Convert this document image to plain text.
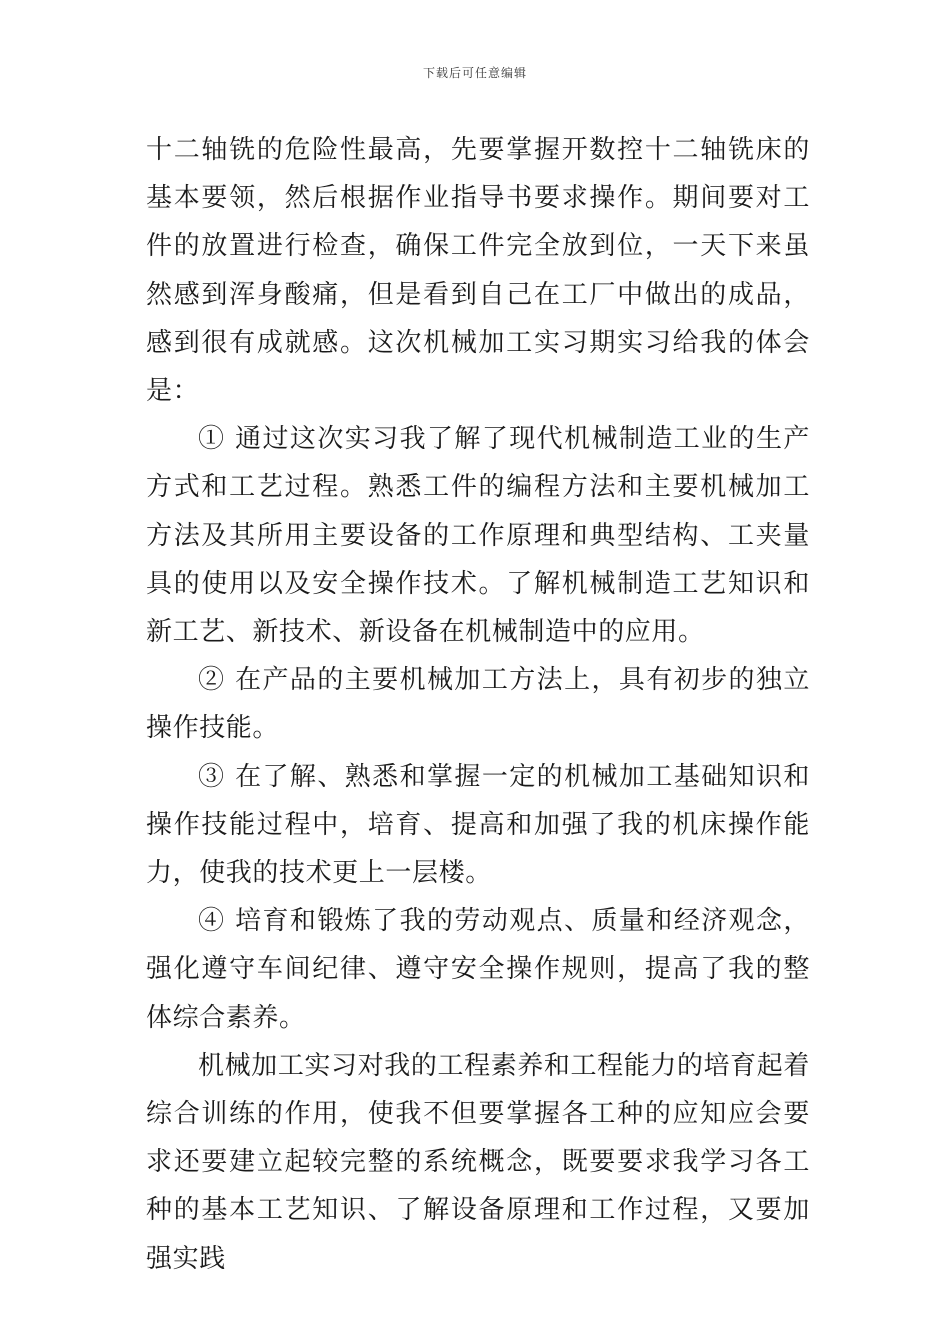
下载后可任意编辑

十二轴铣的危险性最高，先要掌握开数控十二轴铣床的基本要领，然后根据作业指导书要求操作。期间要对工件的放置进行检查，确保工件完全放到位，一天下来虽然感到浑身酸痛，但是看到自己在工厂中做出的成品，感到很有成就感。这次机械加工实习期实习给我的体会是：

① 通过这次实习我了解了现代机械制造工业的生产方式和工艺过程。熟悉工件的编程方法和主要机械加工方法及其所用主要设备的工作原理和典型结构、工夹量具的使用以及安全操作技术。了解机械制造工艺知识和新工艺、新技术、新设备在机械制造中的应用。

② 在产品的主要机械加工方法上，具有初步的独立操作技能。

③ 在了解、熟悉和掌握一定的机械加工基础知识和操作技能过程中，培育、提高和加强了我的机床操作能力，使我的技术更上一层楼。

④ 培育和锻炼了我的劳动观点、质量和经济观念，强化遵守车间纪律、遵守安全操作规则，提高了我的整体综合素养。

机械加工实习对我的工程素养和工程能力的培育起着综合训练的作用，使我不但要掌握各工种的应知应会要求还要建立起较完整的系统概念，既要要求我学习各工种的基本工艺知识、了解设备原理和工作过程，又要加强实践
